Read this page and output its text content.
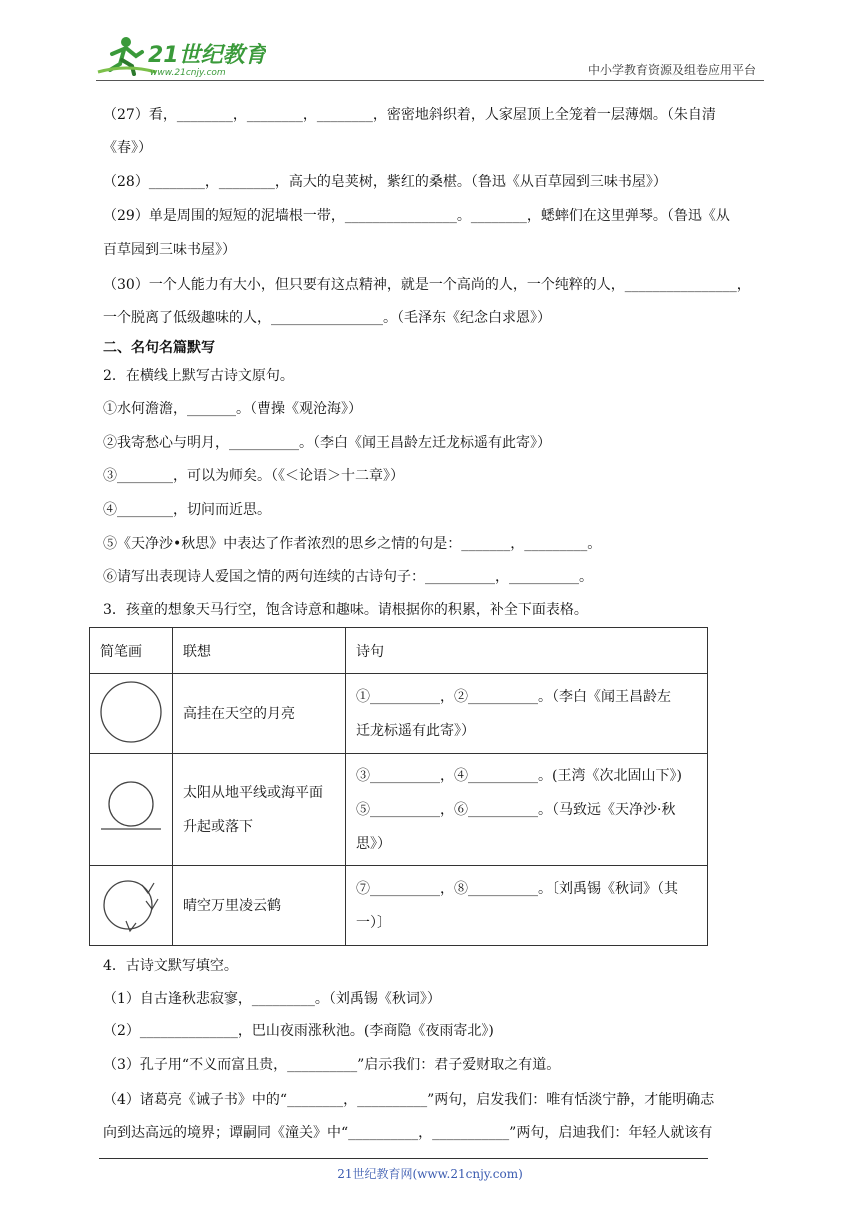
21世纪教育
www.21cnjy.com	中小学教育资源及组卷应用平台
（27）看，________，________，________，密密地斜织着，人家屋顶上全笼着一层薄烟。（朱自清
《春》）
（28）________，________，高大的皂荚树，紫红的桑椹。（鲁迅《从百草园到三味书屋》）
（29）单是周围的短短的泥墙根一带，________________。________，蟋蟀们在这里弹琴。（鲁迅《从
百草园到三味书屋》）
（30）一个人能力有大小，但只要有这点精神，就是一个高尚的人，一个纯粹的人，________________，
一个脱离了低级趣味的人，________________。（毛泽东《纪念白求恩》）
二、名句名篇默写
2．在横线上默写古诗文原句。
①水何澹澹，_______。（曹操《观沧海》）
②我寄愁心与明月，__________。（李白《闻王昌龄左迁龙标遥有此寄》）
③________，可以为师矣。（《＜论语＞十二章》）
④________，切问而近思。
⑤《天净沙•秋思》中表达了作者浓烈的思乡之情的句是：_______，_________。
⑥请写出表现诗人爱国之情的两句连续的古诗句子：__________，__________。
3．孩童的想象天马行空，饱含诗意和趣味。请根据你的积累，补全下面表格。
简笔画	联想	诗句

高挂在天空的月亮	①__________，②__________。（李白《闻王昌龄左
迁龙标遥有此寄》）

太阳从地平线或海平面
升起或落下	③__________，④__________。(王湾《次北固山下》)
⑤__________，⑥__________。（马致远《天净沙·秋
思》）

晴空万里凌云鹤	⑦__________，⑧__________。〔刘禹锡《秋词》（其
一）〕
4．古诗文默写填空。
（1）自古逢秋悲寂寥，_________。（刘禹锡《秋词》）
（2）______________，巴山夜雨涨秋池。(李商隐《夜雨寄北》)
（3）孔子用“不义而富且贵，__________”启示我们：君子爱财取之有道。
（4）诸葛亮《诫子书》中的“________，__________”两句，启发我们：唯有恬淡宁静，才能明确志
向到达高远的境界；谭嗣同《潼关》中“__________，___________”两句，启迪我们：年轻人就该有
21世纪教育网(www.21cnjy.com)
